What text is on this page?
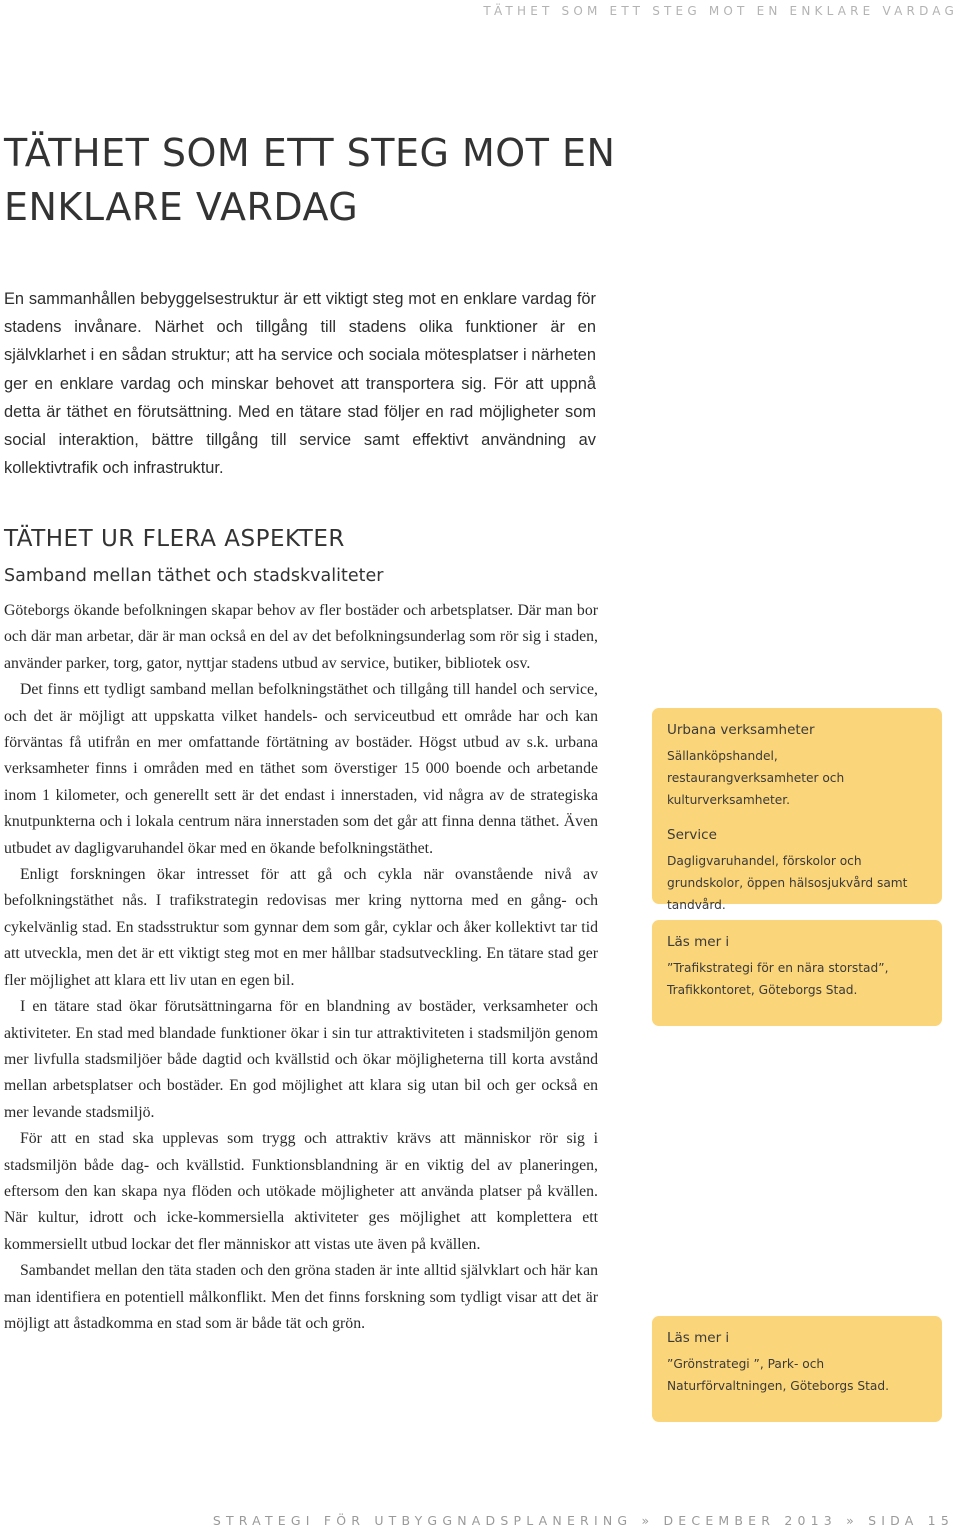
TÄTHET SOM ETT STEG MOT EN ENKLARE VARDAG
TÄTHET SOM ETT STEG MOT EN
ENKLARE VARDAG

En sammanhållen bebyggelsestruktur är ett viktigt steg mot en enklare vardag för stadens invånare. Närhet och tillgång till stadens olika funktioner är en självklarhet i en sådan struktur; att ha service och sociala mötesplatser i närheten ger en enklare vardag och minskar behovet att transportera sig. För att uppnå detta är täthet en förutsättning. Med en tätare stad följer en rad möjligheter som social interaktion, bättre tillgång till service samt effektivt användning av kollektivtrafik och infrastruktur.

TÄTHET UR FLERA ASPEKTER
Samband mellan täthet och stadskvaliteter

Göteborgs ökande befolkningen skapar behov av fler bostäder och arbetsplatser. Där man bor och där man arbetar, där är man också en del av det befolkningsunderlag som rör sig i staden, använder parker, torg, gator, nyttjar stadens utbud av service, butiker, bibliotek osv.

Det finns ett tydligt samband mellan befolkningstäthet och tillgång till handel och service, och det är möjligt att uppskatta vilket handels- och serviceutbud ett område har och kan förväntas få utifrån en mer omfattande förtätning av bostäder. Högst utbud av s.k. urbana verksamheter finns i områden med en täthet som överstiger 15 000 boende och arbetande inom 1 kilometer, och generellt sett är det endast i innerstaden, vid några av de strategiska knutpunkterna och i lokala centrum nära innerstaden som det går att finna denna täthet. Även utbudet av dagligvaruhandel ökar med en ökande befolkningstäthet.

Enligt forskningen ökar intresset för att gå och cykla när ovanstående nivå av befolkningstäthet nås. I trafikstrategin redovisas mer kring nyttorna med en gång- och cykelvänlig stad. En stadsstruktur som gynnar dem som går, cyklar och åker kollektivt tar tid att utveckla, men det är ett viktigt steg mot en mer hållbar stadsutveckling. En tätare stad ger fler möjlighet att klara ett liv utan en egen bil.

I en tätare stad ökar förutsättningarna för en blandning av bostäder, verksamheter och aktiviteter. En stad med blandade funktioner ökar i sin tur attraktiviteten i stadsmiljön genom mer livfulla stadsmiljöer både dagtid och kvällstid och ökar möjligheterna till korta avstånd mellan arbetsplatser och bostäder. En god möjlighet att klara sig utan bil och ger också en mer levande stadsmiljö.

För att en stad ska upplevas som trygg och attraktiv krävs att människor rör sig i stadsmiljön både dag- och kvällstid. Funktionsblandning är en viktig del av planeringen, eftersom den kan skapa nya flöden och utökade möjligheter att använda platser på kvällen. När kultur, idrott och icke-kommersiella aktiviteter ges möjlighet att komplettera ett kommersiellt utbud lockar det fler människor att vistas ute även på kvällen.

Sambandet mellan den täta staden och den gröna staden är inte alltid självklart och här kan man identifiera en potentiell målkonflikt. Men det finns forskning som tydligt visar att det är möjligt att åstadkomma en stad som är både tät och grön.

Urbana verksamheter

Sällanköpshandel, restaurangverksamheter och kulturverksamheter.

Service

Dagligvaruhandel, förskolor och grundskolor, öppen hälsosjukvård samt tandvård.

Läs mer i

”Trafikstrategi för en nära storstad”, Trafikkontoret, Göteborgs Stad.

Läs mer i

”Grönstrategi ”, Park- och Naturförvaltningen, Göteborgs Stad.

STRATEGI FÖR UTBYGGNADSPLANERING » DECEMBER 2013 » SIDA 15
